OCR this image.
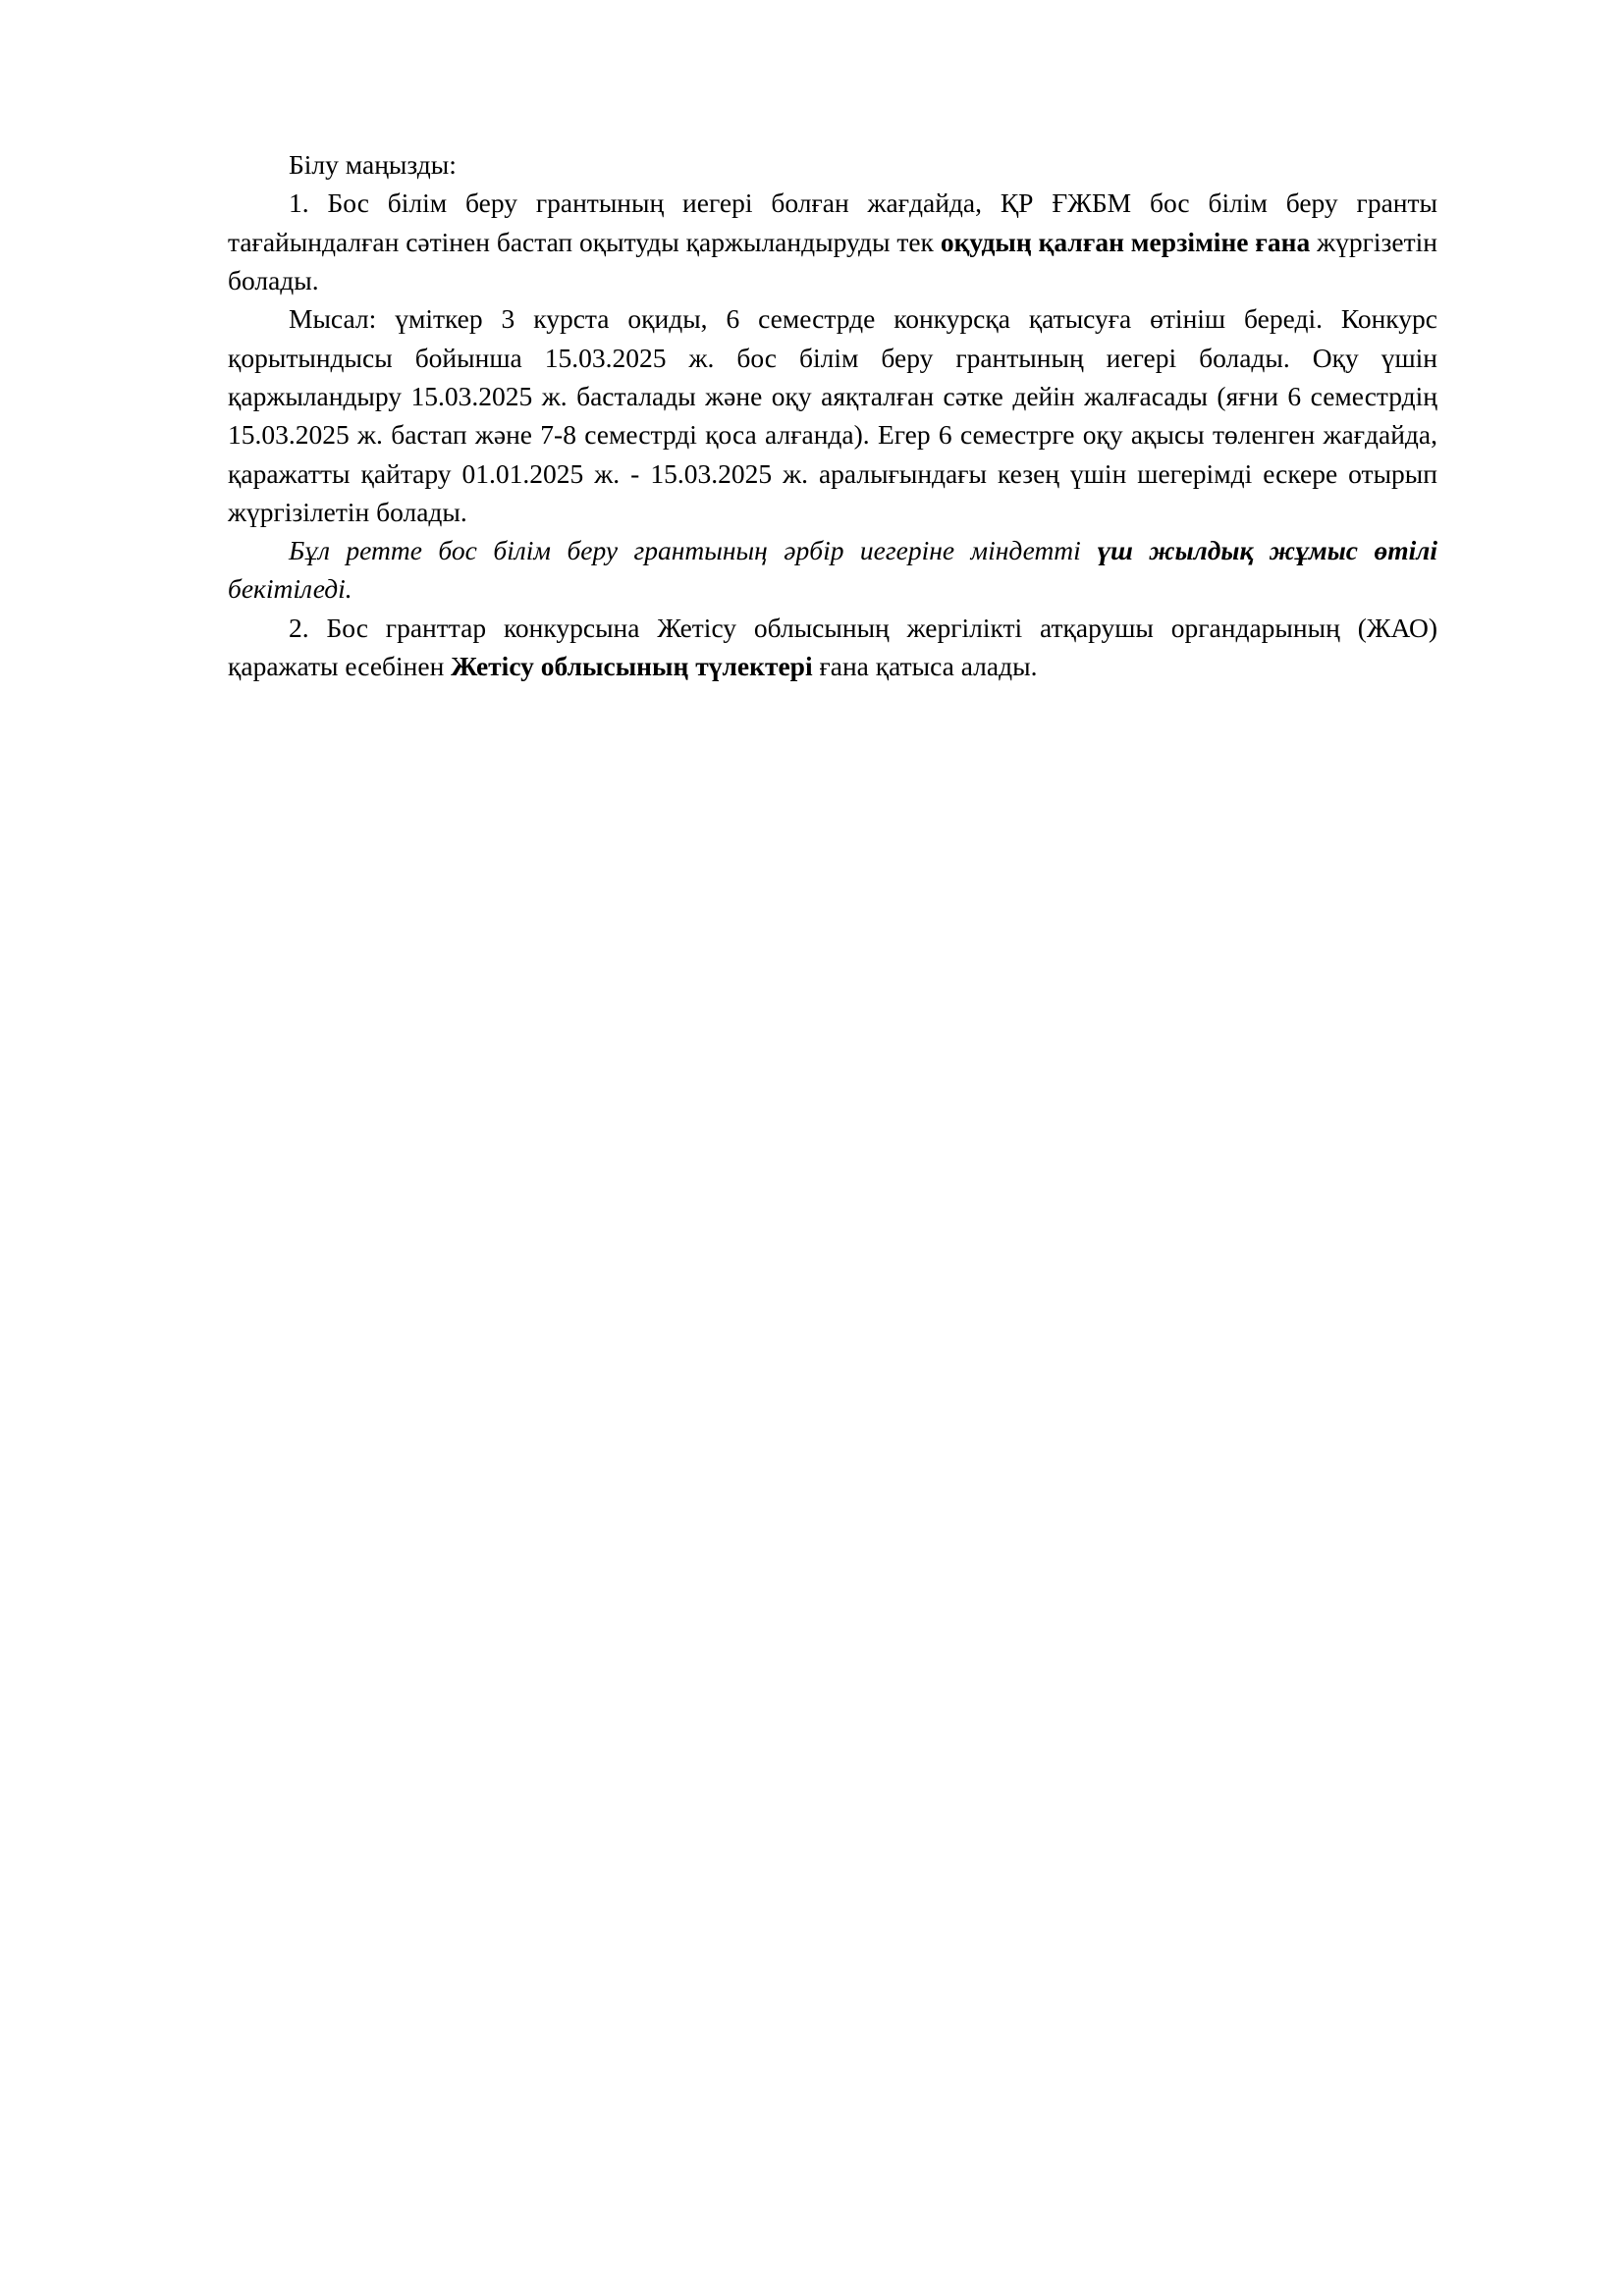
Білу маңызды:

1. Бос білім беру грантының иегері болған жағдайда, ҚР ҒЖБМ бос білім беру гранты тағайындалған сәтінен бастап оқытуды қаржыландыруды тек оқудың қалған мерзіміне ғана жүргізетін болады.

Мысал: үміткер 3 курста оқиды, 6 семестрде конкурсқа қатысуға өтініш береді. Конкурс қорытындысы бойынша 15.03.2025 ж. бос білім беру грантының иегері болады. Оқу үшін қаржыландыру 15.03.2025 ж. басталады және оқу аяқталған сәтке дейін жалғасады (яғни 6 семестрдің 15.03.2025 ж. бастап және 7-8 семестрді қоса алғанда). Егер 6 семестрге оқу ақысы төленген жағдайда, қаражатты қайтару 01.01.2025 ж. - 15.03.2025 ж. аралығындағы кезең үшін шегерімді ескере отырып жүргізілетін болады.

Бұл ретте бос білім беру грантының әрбір иегеріне міндетті үш жылдық жұмыс өтілі бекітіледі.

2. Бос гранттар конкурсына Жетісу облысының жергілікті атқарушы органдарының (ЖАО) қаражаты есебінен Жетісу облысының түлектері ғана қатыса алады.
